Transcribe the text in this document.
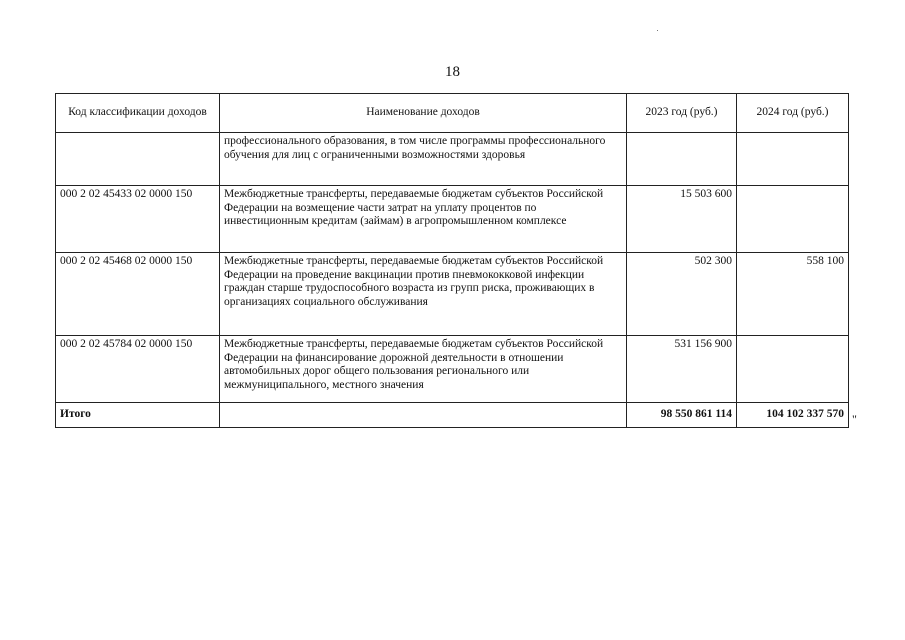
18
Код классификации доходов	Наименование доходов	2023 год (руб.)	2024 год (руб.)
	профессионального образования, в том числе программы профессионального обучения для лиц с ограниченными возможностями здоровья		
000 2 02 45433 02 0000 150	Межбюджетные трансферты, передаваемые бюджетам субъектов Российской Федерации на возмещение части затрат на уплату процентов по инвестиционным кредитам (займам) в агропромышленном комплексе	15 503 600	
000 2 02 45468 02 0000 150	Межбюджетные трансферты, передаваемые бюджетам субъектов Российской Федерации на проведение вакцинации против пневмококковой инфекции граждан старше трудоспособного возраста из групп риска, проживающих в организациях социального обслуживания	502 300	558 100
000 2 02 45784 02 0000 150	Межбюджетные трансферты, передаваемые бюджетам субъектов Российской Федерации на финансирование дорожной деятельности в отношении автомобильных дорог общего пользования регионального или межмуниципального, местного значения	531 156 900	
Итого		98 550 861 114	104 102 337 570 "
